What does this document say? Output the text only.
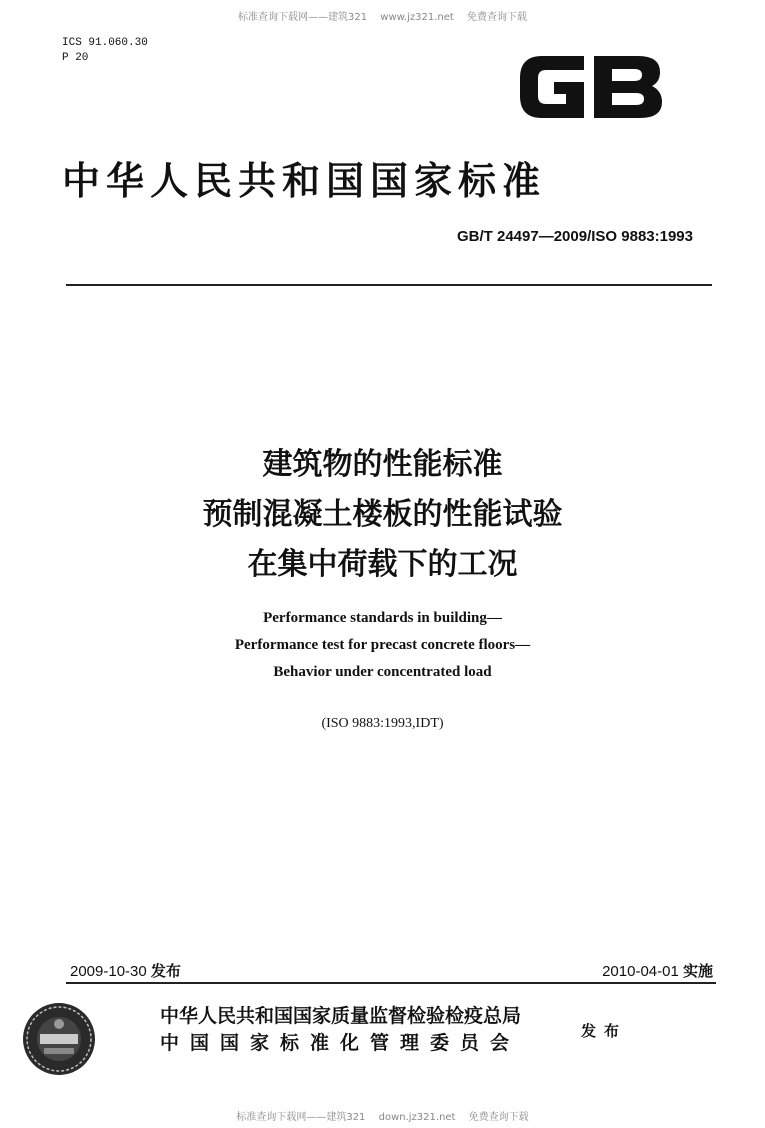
标准查询下载网——建筑321 www.jz321.net 免费查询下载
ICS 91.060.30
P 20
中华人民共和国国家标准
GB/T 24497—2009/ISO 9883:1993
建筑物的性能标准
预制混凝土楼板的性能试验
在集中荷载下的工况
Performance standards in building—
Performance test for precast concrete floors—
Behavior under concentrated load
(ISO 9883:1993,IDT)
2009-10-30 发布	2010-04-01 实施
中华人民共和国国家质量监督检验检疫总局
中国国家标准化管理委员会
发布
标准查询下载网——建筑321 down.jz321.net 免费查询下载
